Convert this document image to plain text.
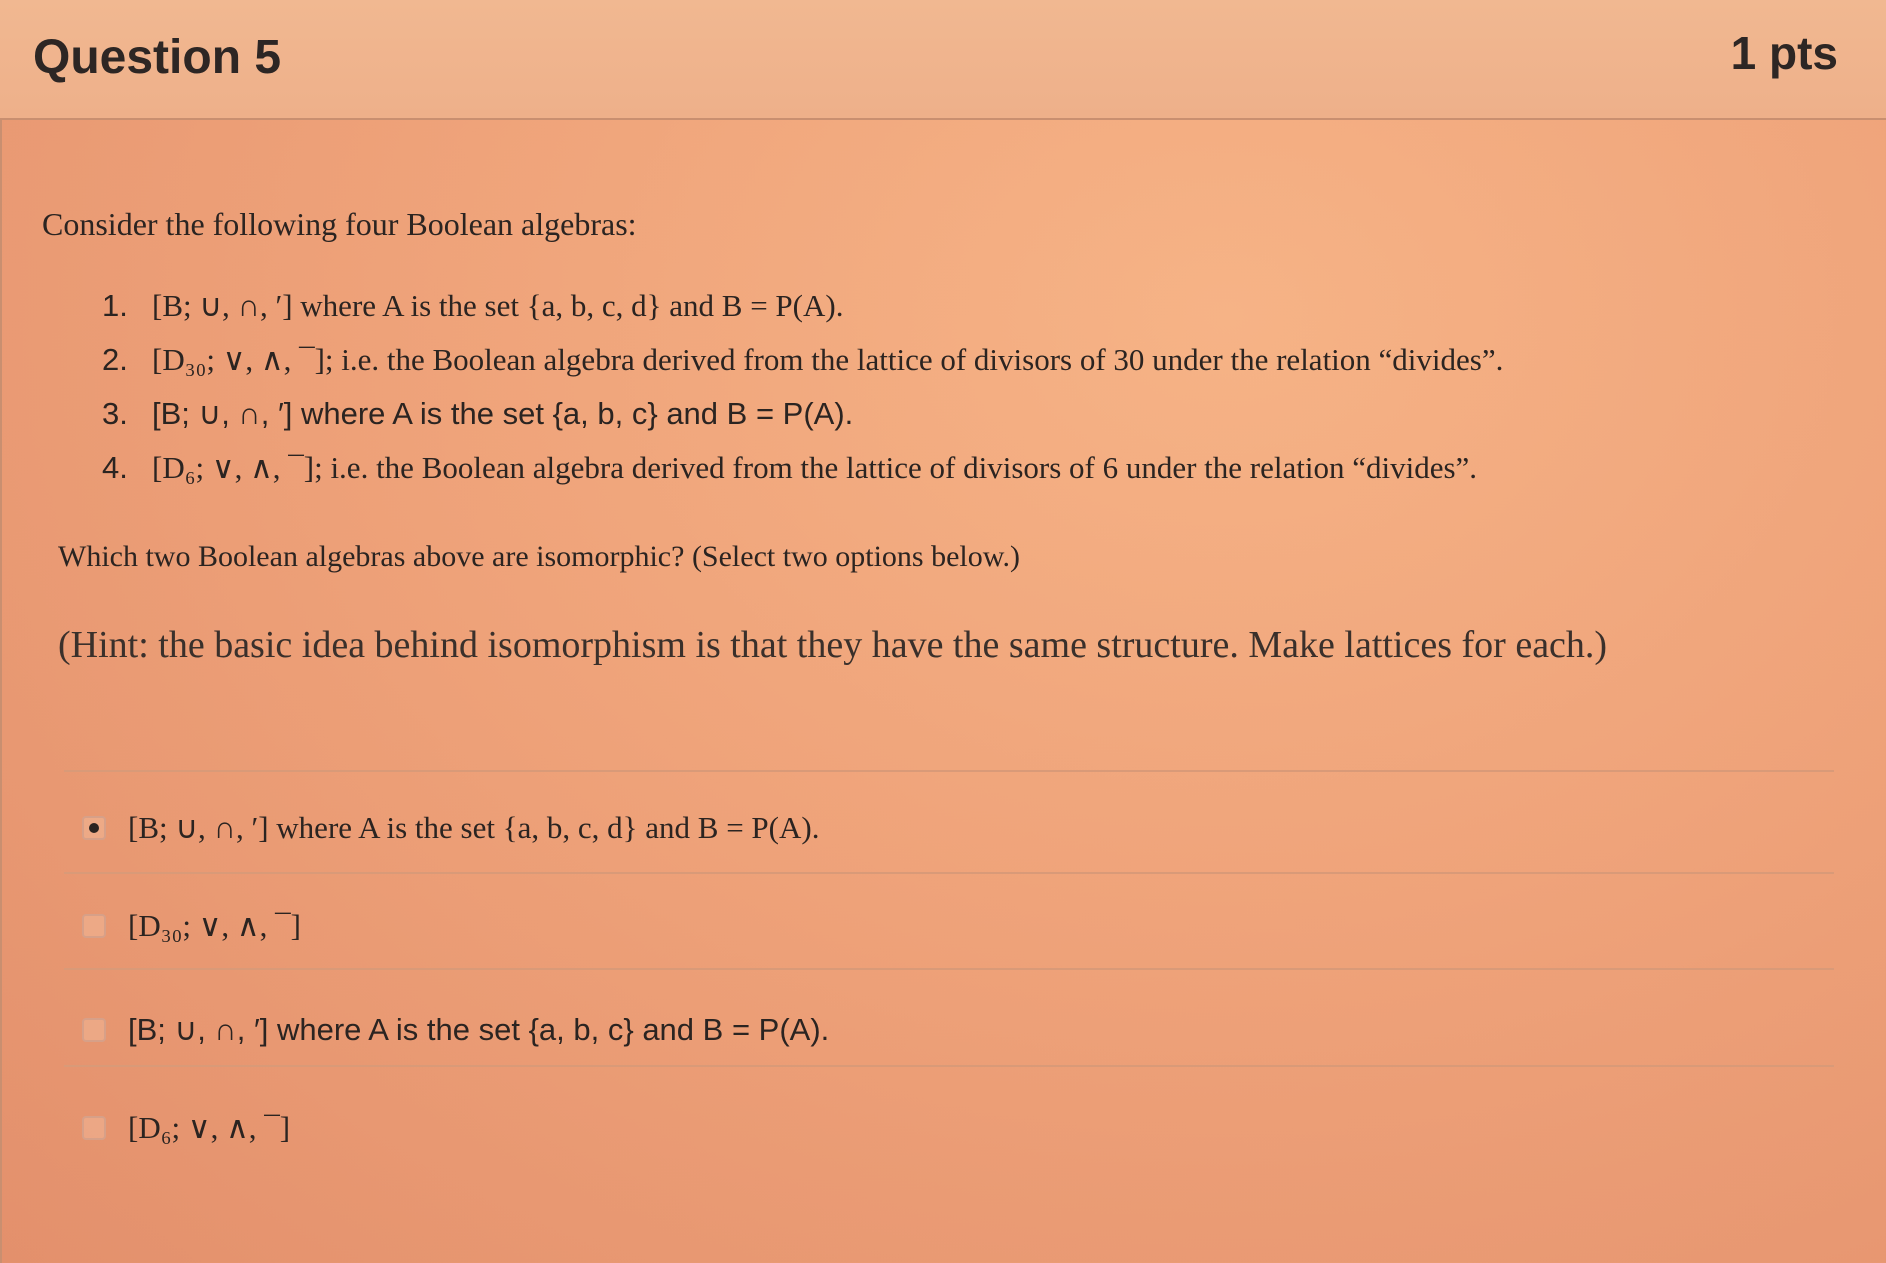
Question 5	1 pts
Consider the following four Boolean algebras:
1. [B; ∪, ∩, ′] where A is the set {a, b, c, d} and B = P(A).
2. [D₃₀; ∨, ∧, ¯]; i.e. the Boolean algebra derived from the lattice of divisors of 30 under the relation “divides”.
3. [B; ∪, ∩, ′] where A is the set {a, b, c} and B = P(A).
4. [D₆; ∨, ∧, ¯]; i.e. the Boolean algebra derived from the lattice of divisors of 6 under the relation “divides”.
Which two Boolean algebras above are isomorphic? (Select two options below.)
(Hint: the basic idea behind isomorphism is that they have the same structure. Make lattices for each.)
[B; ∪, ∩, ′] where A is the set {a, b, c, d} and B = P(A).
[D₃₀; ∨, ∧, ¯]
[B; ∪, ∩, ′] where A is the set {a, b, c} and B = P(A).
[D₆; ∨, ∧, ¯]
